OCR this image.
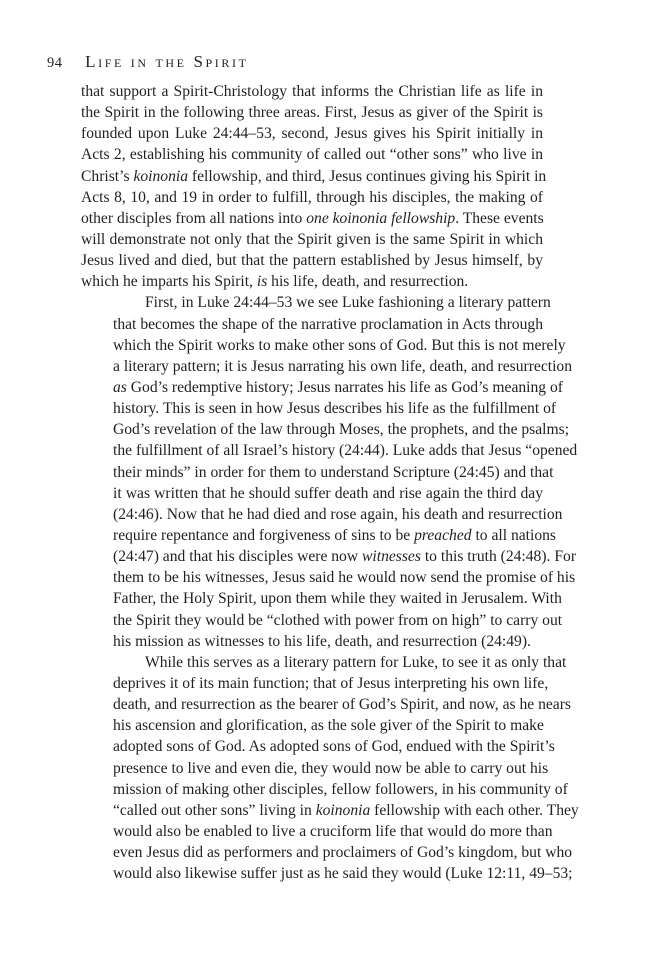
94 Life in the Spirit
that support a Spirit-Christology that informs the Christian life as life in
the Spirit in the following three areas. First, Jesus as giver of the Spirit is
founded upon Luke 24:44–53, second, Jesus gives his Spirit initially in
Acts 2, establishing his community of called out “other sons” who live in
Christ’s koinonia fellowship, and third, Jesus continues giving his Spirit in
Acts 8, 10, and 19 in order to fulfill, through his disciples, the making of
other disciples from all nations into one koinonia fellowship. These events
will demonstrate not only that the Spirit given is the same Spirit in which
Jesus lived and died, but that the pattern established by Jesus himself, by
which he imparts his Spirit, is his life, death, and resurrection.
First, in Luke 24:44–53 we see Luke fashioning a literary pattern
that becomes the shape of the narrative proclamation in Acts through
which the Spirit works to make other sons of God. But this is not merely
a literary pattern; it is Jesus narrating his own life, death, and resurrection
as God’s redemptive history; Jesus narrates his life as God’s meaning of
history. This is seen in how Jesus describes his life as the fulfillment of
God’s revelation of the law through Moses, the prophets, and the psalms;
the fulfillment of all Israel’s history (24:44). Luke adds that Jesus “opened
their minds” in order for them to understand Scripture (24:45) and that
it was written that he should suffer death and rise again the third day
(24:46). Now that he had died and rose again, his death and resurrection
require repentance and forgiveness of sins to be preached to all nations
(24:47) and that his disciples were now witnesses to this truth (24:48). For
them to be his witnesses, Jesus said he would now send the promise of his
Father, the Holy Spirit, upon them while they waited in Jerusalem. With
the Spirit they would be “clothed with power from on high” to carry out
his mission as witnesses to his life, death, and resurrection (24:49).
While this serves as a literary pattern for Luke, to see it as only that
deprives it of its main function; that of Jesus interpreting his own life,
death, and resurrection as the bearer of God’s Spirit, and now, as he nears
his ascension and glorification, as the sole giver of the Spirit to make
adopted sons of God. As adopted sons of God, endued with the Spirit’s
presence to live and even die, they would now be able to carry out his
mission of making other disciples, fellow followers, in his community of
“called out other sons” living in koinonia fellowship with each other. They
would also be enabled to live a cruciform life that would do more than
even Jesus did as performers and proclaimers of God’s kingdom, but who
would also likewise suffer just as he said they would (Luke 12:11, 49–53;
